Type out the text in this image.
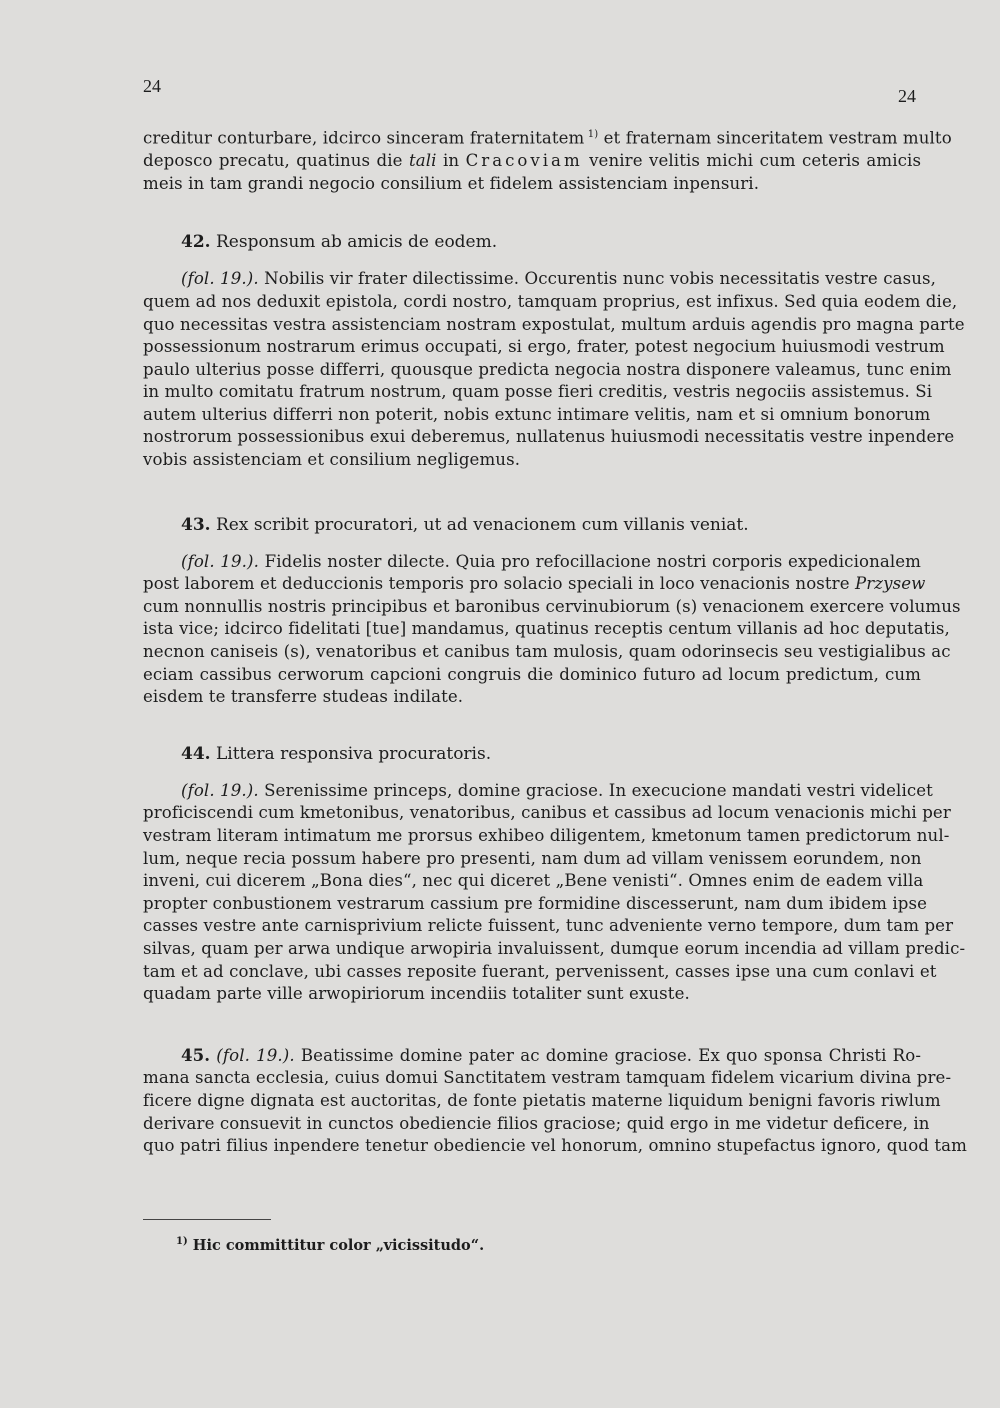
24	24
creditur conturbare, idcirco sinceram fraternitatem  $^{1)}$ et fraternam sinceritatem vestram multo
deposco precatu, quatinus die tali in Cracoviam venire velitis michi cum ceteris amicis
meis in tam grandi negocio consilium et fidelem assistenciam inpensuri.
42. Responsum ab amicis de eodem.
(fol. 19.). Nobilis vir frater dilectissime. Occurentis nunc vobis necessitatis vestre casus,
quem ad nos deduxit epistola, cordi nostro, tamquam proprius, est infixus. Sed quia eodem die,
quo necessitas vestra assistenciam nostram expostulat, multum arduis agendis pro magna parte
possessionum nostrarum erimus occupati, si ergo, frater, potest negocium huiusmodi vestrum
paulo ulterius posse differri, quousque predicta negocia nostra disponere valeamus, tunc enim
in multo comitatu fratrum nostrum, quam posse fieri creditis, vestris negociis assistemus. Si
autem ulterius differri non poterit, nobis extunc intimare velitis, nam et si omnium bonorum
nostrorum possessionibus exui deberemus, nullatenus huiusmodi necessitatis vestre inpendere
vobis assistenciam et consilium negligemus.
43. Rex scribit procuratori, ut ad venacionem cum villanis veniat.
(fol. 19.). Fidelis noster dilecte. Quia pro refocillacione nostri corporis expedicionalem
post laborem et deduccionis temporis pro solacio speciali in loco venacionis nostre Przysew
cum nonnullis nostris principibus et baronibus cervinubiorum (s) venacionem exercere volumus
ista vice; idcirco fidelitati [tue] mandamus, quatinus receptis centum villanis ad hoc deputatis,
necnon caniseis (s), venatoribus et canibus tam mulosis, quam odorinsecis seu vestigialibus ac
eciam cassibus cerworum capcioni congruis die dominico futuro ad locum predictum, cum
eisdem te transferre studeas indilate.
44. Littera responsiva procuratoris.
(fol. 19.). Serenissime princeps, domine graciose. In execucione mandati vestri videlicet
proficiscendi cum kmetonibus, venatoribus, canibus et cassibus ad locum venacionis michi per
vestram literam intimatum me prorsus exhibeo diligentem, kmetonum tamen predictorum nul-
lum, neque recia possum habere pro presenti, nam dum ad villam venissem eorundem, non
inveni, cui dicerem „Bona dies“, nec qui diceret „Bene venisti“. Omnes enim de eadem villa
propter conbustionem vestrarum cassium pre formidine discesserunt, nam dum ibidem ipse
casses vestre ante carnisprivium relicte fuissent, tunc adveniente verno tempore, dum tam per
silvas, quam per arwa undique arwopiria invaluissent, dumque eorum incendia ad villam predic-
tam et ad conclave, ubi casses reposite fuerant, pervenissent, casses ipse una cum conlavi et
quadam parte ville arwopiriorum incendiis totaliter sunt exuste.
45. (fol. 19.). Beatissime domine pater ac domine graciose. Ex quo sponsa Christi Ro-
mana sancta ecclesia, cuius domui Sanctitatem vestram tamquam fidelem vicarium divina pre-
ficere digne dignata est auctoritas, de fonte pietatis materne liquidum benigni favoris riwlum
derivare consuevit in cunctos obediencie filios graciose; quid ergo in me videtur deficere, in
quo patri filius inpendere tenetur obediencie vel honorum, omnino stupefactus ignoro, quod tam
$^{1)}$ Hic committitur color „vicissitudo“.
